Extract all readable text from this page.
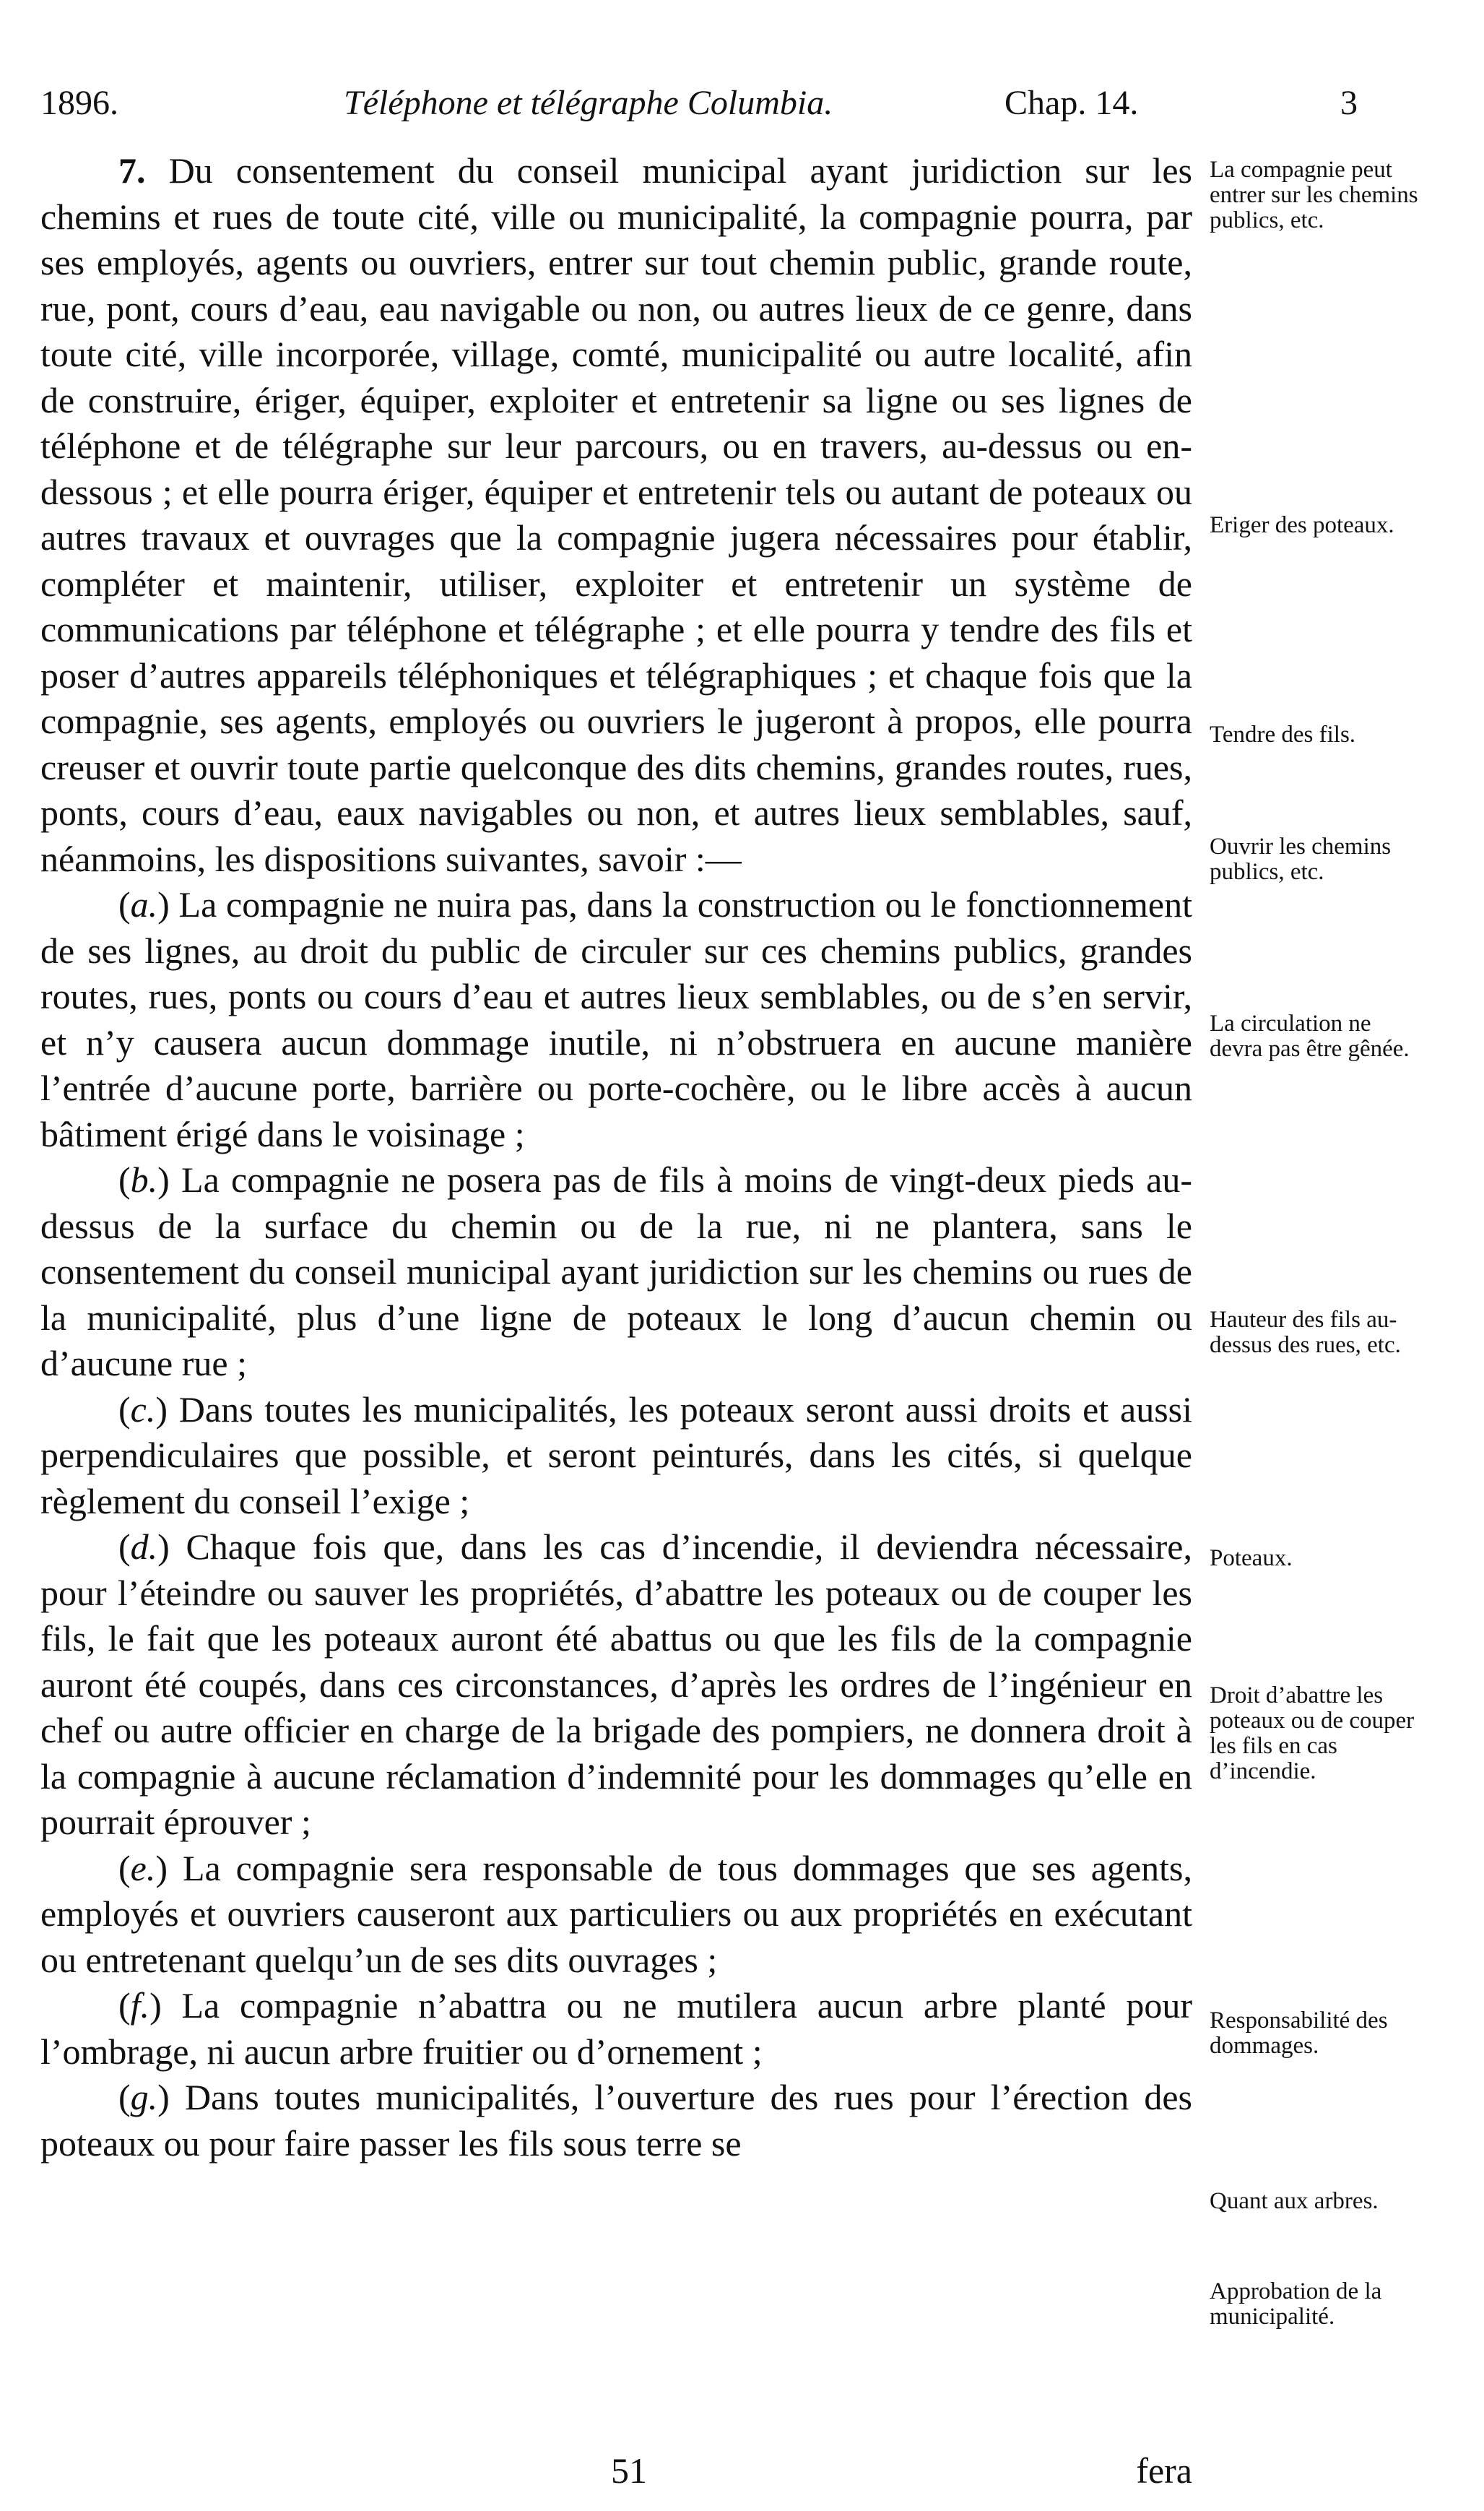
1896.	Téléphone et télégraphe Columbia.	Chap. 14.	3

7. Du consentement du conseil municipal ayant juridiction sur les chemins et rues de toute cité, ville ou municipalité, la compagnie pourra, par ses employés, agents ou ouvriers, entrer sur tout chemin public, grande route, rue, pont, cours d’eau, eau navigable ou non, ou autres lieux de ce genre, dans toute cité, ville incorporée, village, comté, municipalité ou autre localité, afin de construire, ériger, équiper, exploiter et entretenir sa ligne ou ses lignes de téléphone et de télégraphe sur leur parcours, ou en travers, au-dessus ou en-dessous ; et elle pourra ériger, équiper et entretenir tels ou autant de poteaux ou autres travaux et ouvrages que la compagnie jugera nécessaires pour établir, compléter et maintenir, utiliser, exploiter et entretenir un système de communications par téléphone et télégraphe ; et elle pourra y tendre des fils et poser d’autres appareils téléphoniques et télégraphiques ; et chaque fois que la compagnie, ses agents, employés ou ouvriers le jugeront à propos, elle pourra creuser et ouvrir toute partie quelconque des dits chemins, grandes routes, rues, ponts, cours d’eau, eaux navigables ou non, et autres lieux semblables, sauf, néanmoins, les dispositions suivantes, savoir :—

(a.) La compagnie ne nuira pas, dans la construction ou le fonctionnement de ses lignes, au droit du public de circuler sur ces chemins publics, grandes routes, rues, ponts ou cours d’eau et autres lieux semblables, ou de s’en servir, et n’y causera aucun dommage inutile, ni n’obstruera en aucune manière l’entrée d’aucune porte, barrière ou porte-cochère, ou le libre accès à aucun bâtiment érigé dans le voisinage ;

(b.) La compagnie ne posera pas de fils à moins de vingt-deux pieds au-dessus de la surface du chemin ou de la rue, ni ne plantera, sans le consentement du conseil municipal ayant juridiction sur les chemins ou rues de la municipalité, plus d’une ligne de poteaux le long d’aucun chemin ou d’aucune rue ;

(c.) Dans toutes les municipalités, les poteaux seront aussi droits et aussi perpendiculaires que possible, et seront peinturés, dans les cités, si quelque règlement du conseil l’exige ;

(d.) Chaque fois que, dans les cas d’incendie, il deviendra nécessaire, pour l’éteindre ou sauver les propriétés, d’abattre les poteaux ou de couper les fils, le fait que les poteaux auront été abattus ou que les fils de la compagnie auront été coupés, dans ces circonstances, d’après les ordres de l’ingénieur en chef ou autre officier en charge de la brigade des pompiers, ne donnera droit à la compagnie à aucune réclamation d’indemnité pour les dommages qu’elle en pourrait éprouver ;

(e.) La compagnie sera responsable de tous dommages que ses agents, employés et ouvriers causeront aux particuliers ou aux propriétés en exécutant ou entretenant quelqu’un de ses dits ouvrages ;

(f.) La compagnie n’abattra ou ne mutilera aucun arbre planté pour l’ombrage, ni aucun arbre fruitier ou d’ornement ;

(g.) Dans toutes municipalités, l’ouverture des rues pour l’érection des poteaux ou pour faire passer les fils sous terre se

La compagnie peut entrer sur les chemins publics, etc.
Eriger des poteaux.
Tendre des fils.
Ouvrir les chemins publics, etc.
La circulation ne devra pas être gênée.
Hauteur des fils au-dessus des rues, etc.
Poteaux.
Droit d’abattre les poteaux ou de couper les fils en cas d’incendie.
Responsabilité des dommages.
Quant aux arbres.
Approbation de la municipalité.
51	fera
